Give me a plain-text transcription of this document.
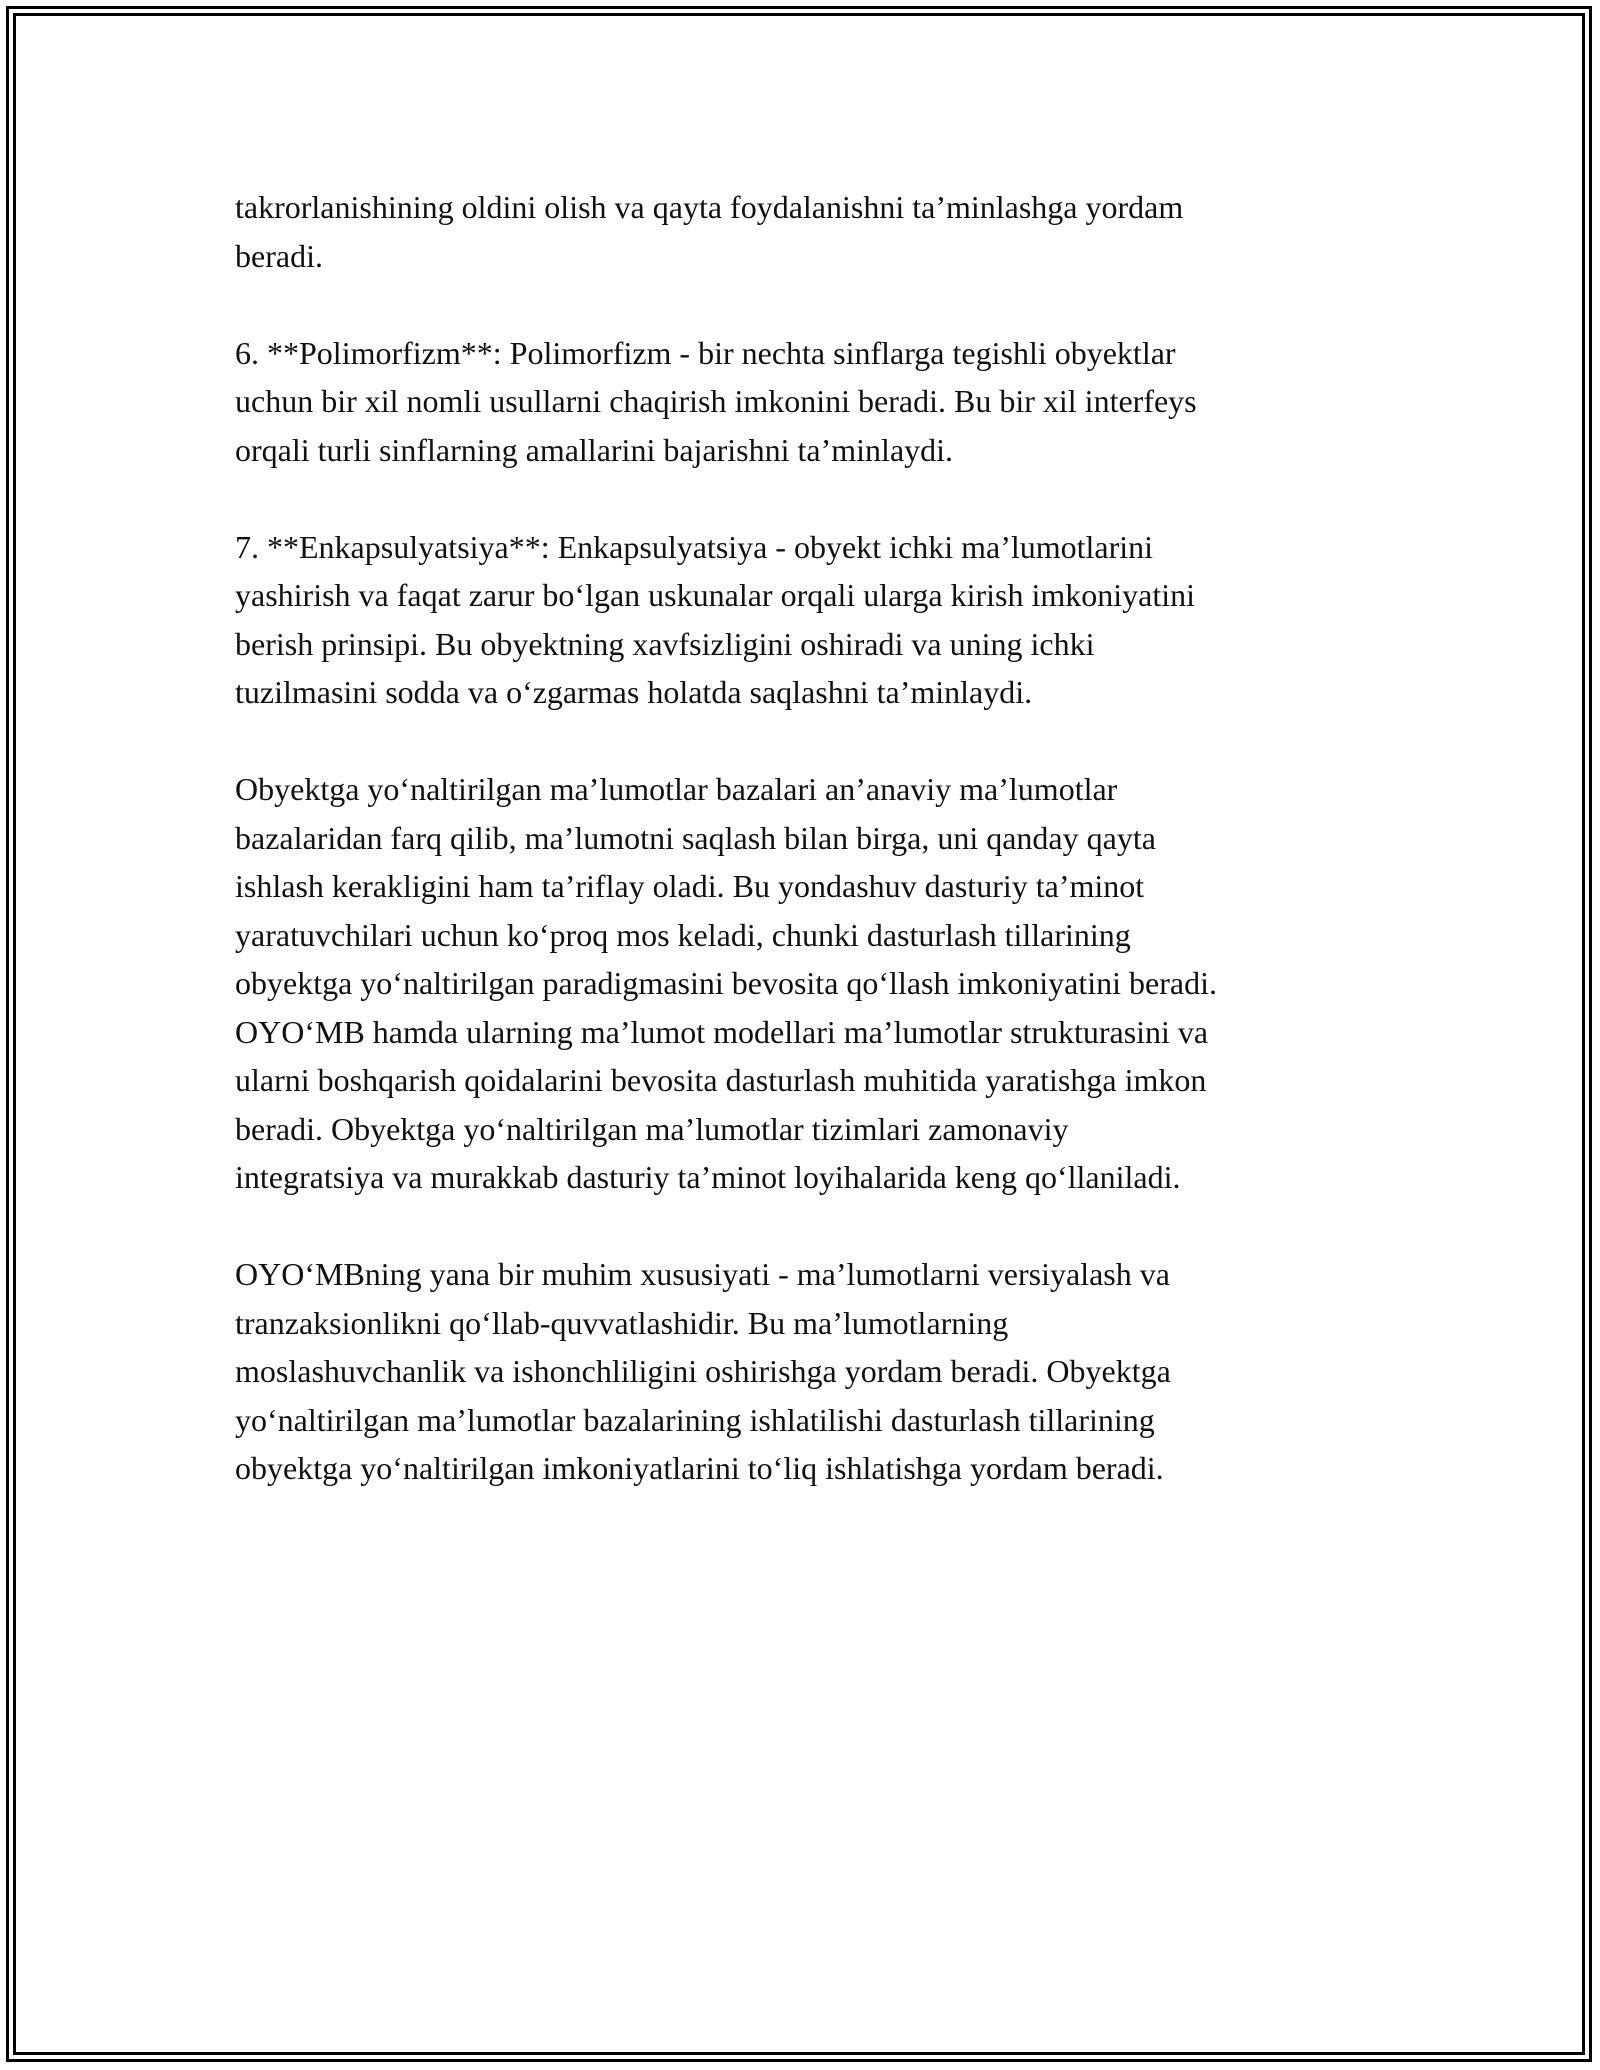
takrorlanishining oldini olish va qayta foydalanishni ta’minlashga yordam
beradi.

6. **Polimorfizm**: Polimorfizm - bir nechta sinflarga tegishli obyektlar
uchun bir xil nomli usullarni chaqirish imkonini beradi. Bu bir xil interfeys
orqali turli sinflarning amallarini bajarishni ta’minlaydi.

7. **Enkapsulyatsiya**: Enkapsulyatsiya - obyekt ichki ma’lumotlarini
yashirish va faqat zarur bo‘lgan uskunalar orqali ularga kirish imkoniyatini
berish prinsipi. Bu obyektning xavfsizligini oshiradi va uning ichki
tuzilmasini sodda va o‘zgarmas holatda saqlashni ta’minlaydi.

Obyektga yo‘naltirilgan ma’lumotlar bazalari an’anaviy ma’lumotlar
bazalaridan farq qilib, ma’lumotni saqlash bilan birga, uni qanday qayta
ishlash kerakligini ham ta’riflay oladi. Bu yondashuv dasturiy ta’minot
yaratuvchilari uchun ko‘proq mos keladi, chunki dasturlash tillarining
obyektga yo‘naltirilgan paradigmasini bevosita qo‘llash imkoniyatini beradi.
OYO‘MB hamda ularning ma’lumot modellari ma’lumotlar strukturasini va
ularni boshqarish qoidalarini bevosita dasturlash muhitida yaratishga imkon
beradi. Obyektga yo‘naltirilgan ma’lumotlar tizimlari zamonaviy
integratsiya va murakkab dasturiy ta’minot loyihalarida keng qo‘llaniladi.

OYO‘MBning yana bir muhim xususiyati - ma’lumotlarni versiyalash va
tranzaksionlikni qo‘llab-quvvatlashidir. Bu ma’lumotlarning
moslashuvchanlik va ishonchliligini oshirishga yordam beradi. Obyektga
yo‘naltirilgan ma’lumotlar bazalarining ishlatilishi dasturlash tillarining
obyektga yo‘naltirilgan imkoniyatlarini to‘liq ishlatishga yordam beradi.
